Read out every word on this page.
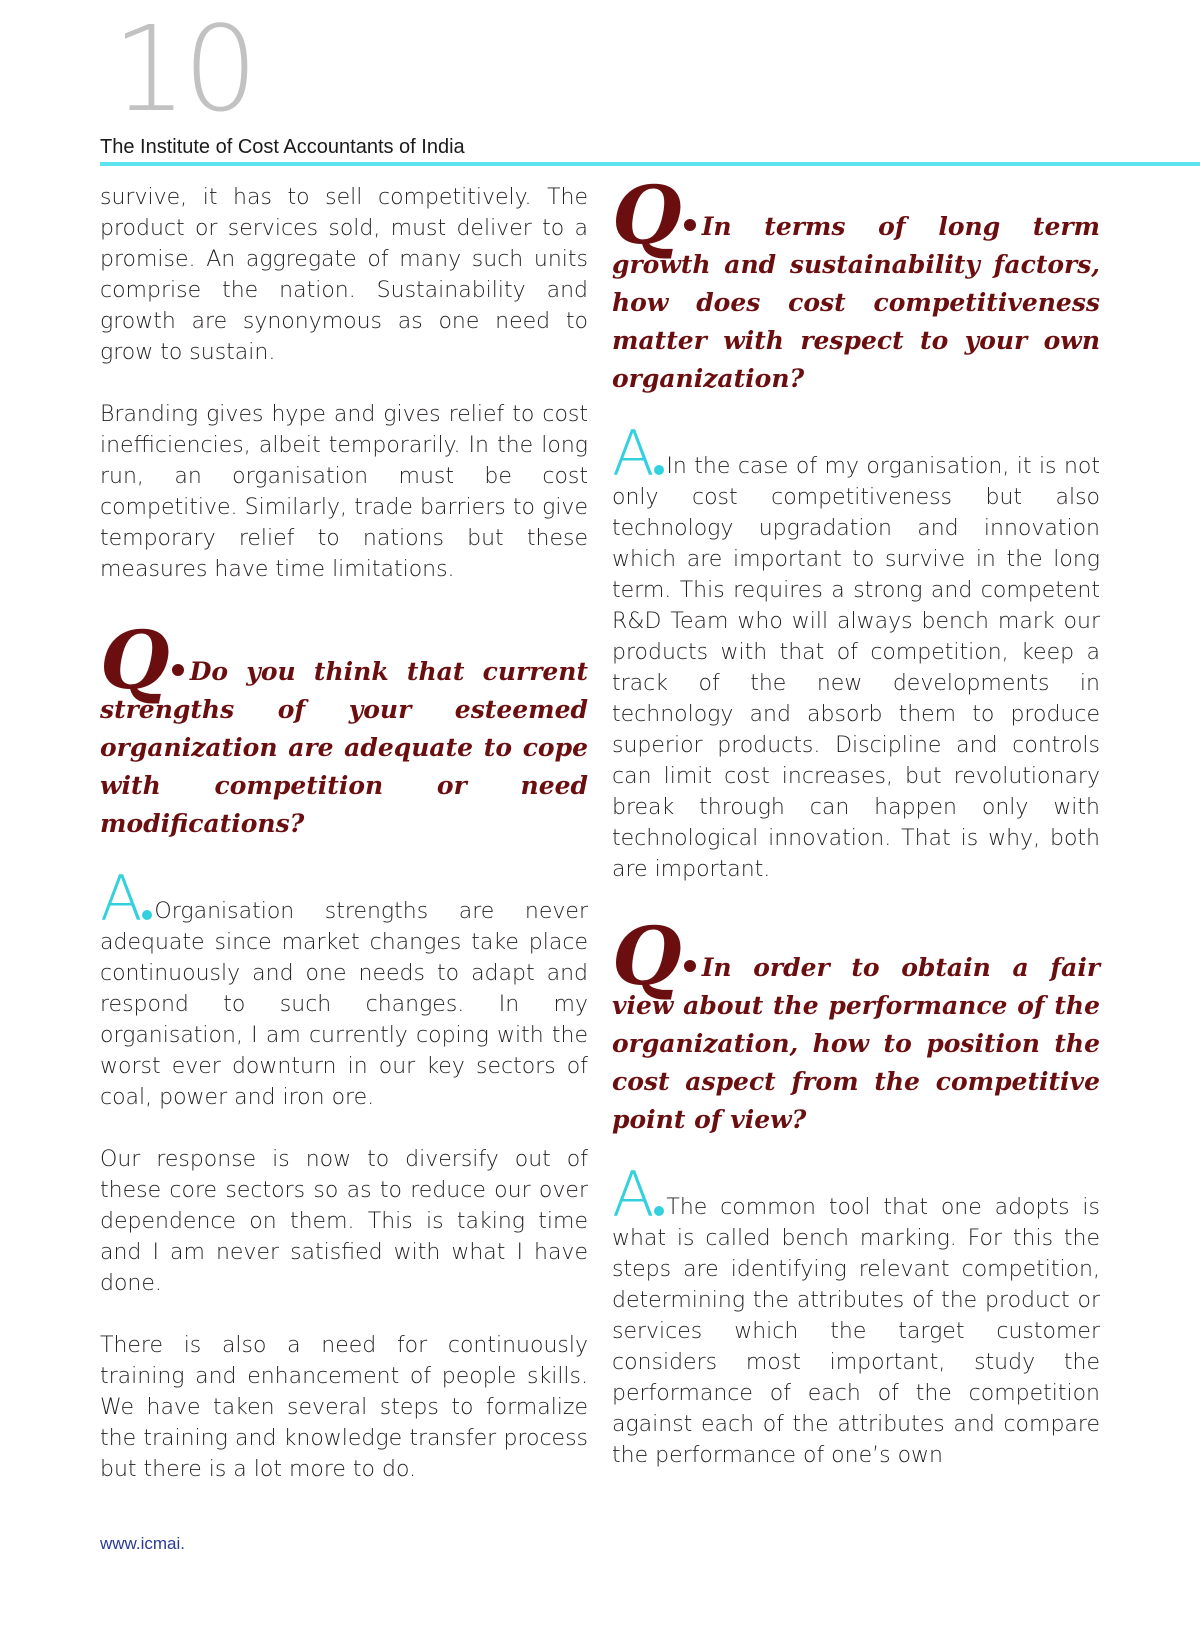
10
The Institute of Cost Accountants of India

survive, it has to sell competitively. The product or services sold, must deliver to a promise. An aggregate of many such units comprise the nation. Sustainability and growth are synonymous as one need to grow to sustain.

Branding gives hype and gives relief to cost inefficiencies, albeit temporarily. In the long run, an organisation must be cost competitive. Similarly, trade barriers to give temporary relief to nations but these measures have time limitations.

Q Do you think that current strengths of your esteemed organization are adequate to cope with competition or need modifications?

A Organisation strengths are never adequate since market changes take place continuously and one needs to adapt and respond to such changes. In my organisation, I am currently coping with the worst ever downturn in our key sectors of coal, power and iron ore.

Our response is now to diversify out of these core sectors so as to reduce our over dependence on them. This is taking time and I am never satisfied with what I have done.

There is also a need for continuously training and enhancement of people skills. We have taken several steps to formalize the training and knowledge transfer process but there is a lot more to do.

Q In terms of long term growth and sustainability factors, how does cost competitiveness matter with respect to your own organization?

A In the case of my organisation, it is not only cost competitiveness but also technology upgradation and innovation which are important to survive in the long term. This requires a strong and competent R&D Team who will always bench mark our products with that of competition, keep a track of the new developments in technology and absorb them to produce superior products. Discipline and controls can limit cost increases, but revolutionary break through can happen only with technological innovation. That is why, both are important.

Q In order to obtain a fair view about the performance of the organization, how to position the cost aspect from the competitive point of view?

A The common tool that one adopts is what is called bench marking. For this the steps are identifying relevant competition, determining the attributes of the product or services which the target customer considers most important, study the performance of each of the competition against each of the attributes and compare the performance of one’s own

www.icmai.
